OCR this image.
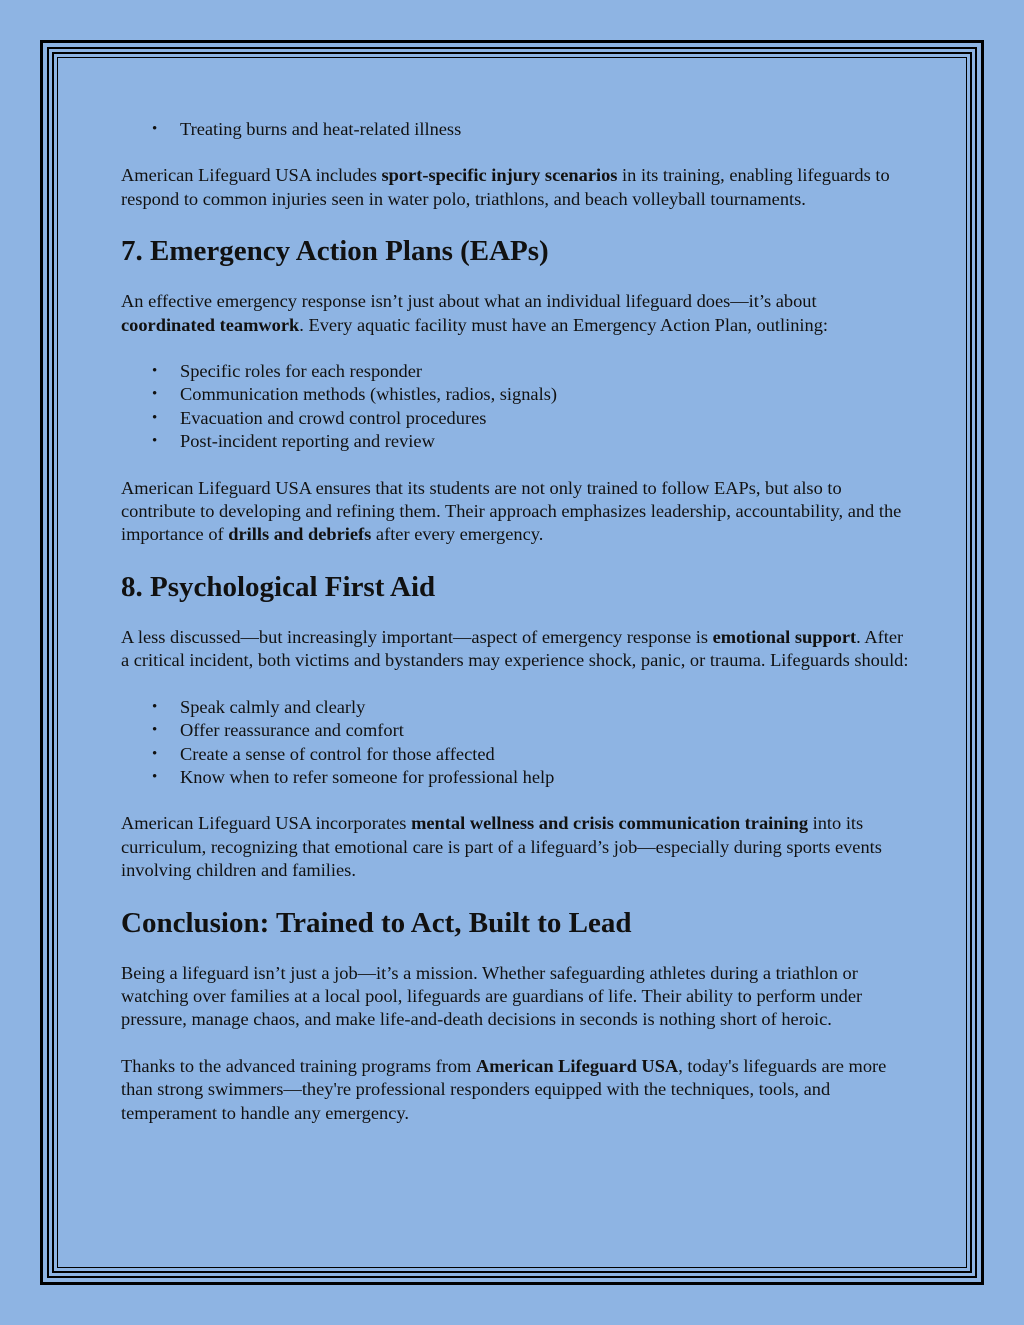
• Treating burns and heat-related illness

American Lifeguard USA includes sport-specific injury scenarios in its training, enabling lifeguards to respond to common injuries seen in water polo, triathlons, and beach volleyball tournaments.

7. Emergency Action Plans (EAPs)

An effective emergency response isn’t just about what an individual lifeguard does—it’s about coordinated teamwork. Every aquatic facility must have an Emergency Action Plan, outlining:

• Specific roles for each responder
• Communication methods (whistles, radios, signals)
• Evacuation and crowd control procedures
• Post-incident reporting and review

American Lifeguard USA ensures that its students are not only trained to follow EAPs, but also to contribute to developing and refining them. Their approach emphasizes leadership, accountability, and the importance of drills and debriefs after every emergency.

8. Psychological First Aid

A less discussed—but increasingly important—aspect of emergency response is emotional support. After a critical incident, both victims and bystanders may experience shock, panic, or trauma. Lifeguards should:

• Speak calmly and clearly
• Offer reassurance and comfort
• Create a sense of control for those affected
• Know when to refer someone for professional help

American Lifeguard USA incorporates mental wellness and crisis communication training into its curriculum, recognizing that emotional care is part of a lifeguard’s job—especially during sports events involving children and families.

Conclusion: Trained to Act, Built to Lead

Being a lifeguard isn’t just a job—it’s a mission. Whether safeguarding athletes during a triathlon or watching over families at a local pool, lifeguards are guardians of life. Their ability to perform under pressure, manage chaos, and make life-and-death decisions in seconds is nothing short of heroic.

Thanks to the advanced training programs from American Lifeguard USA, today's lifeguards are more than strong swimmers—they're professional responders equipped with the techniques, tools, and temperament to handle any emergency.
